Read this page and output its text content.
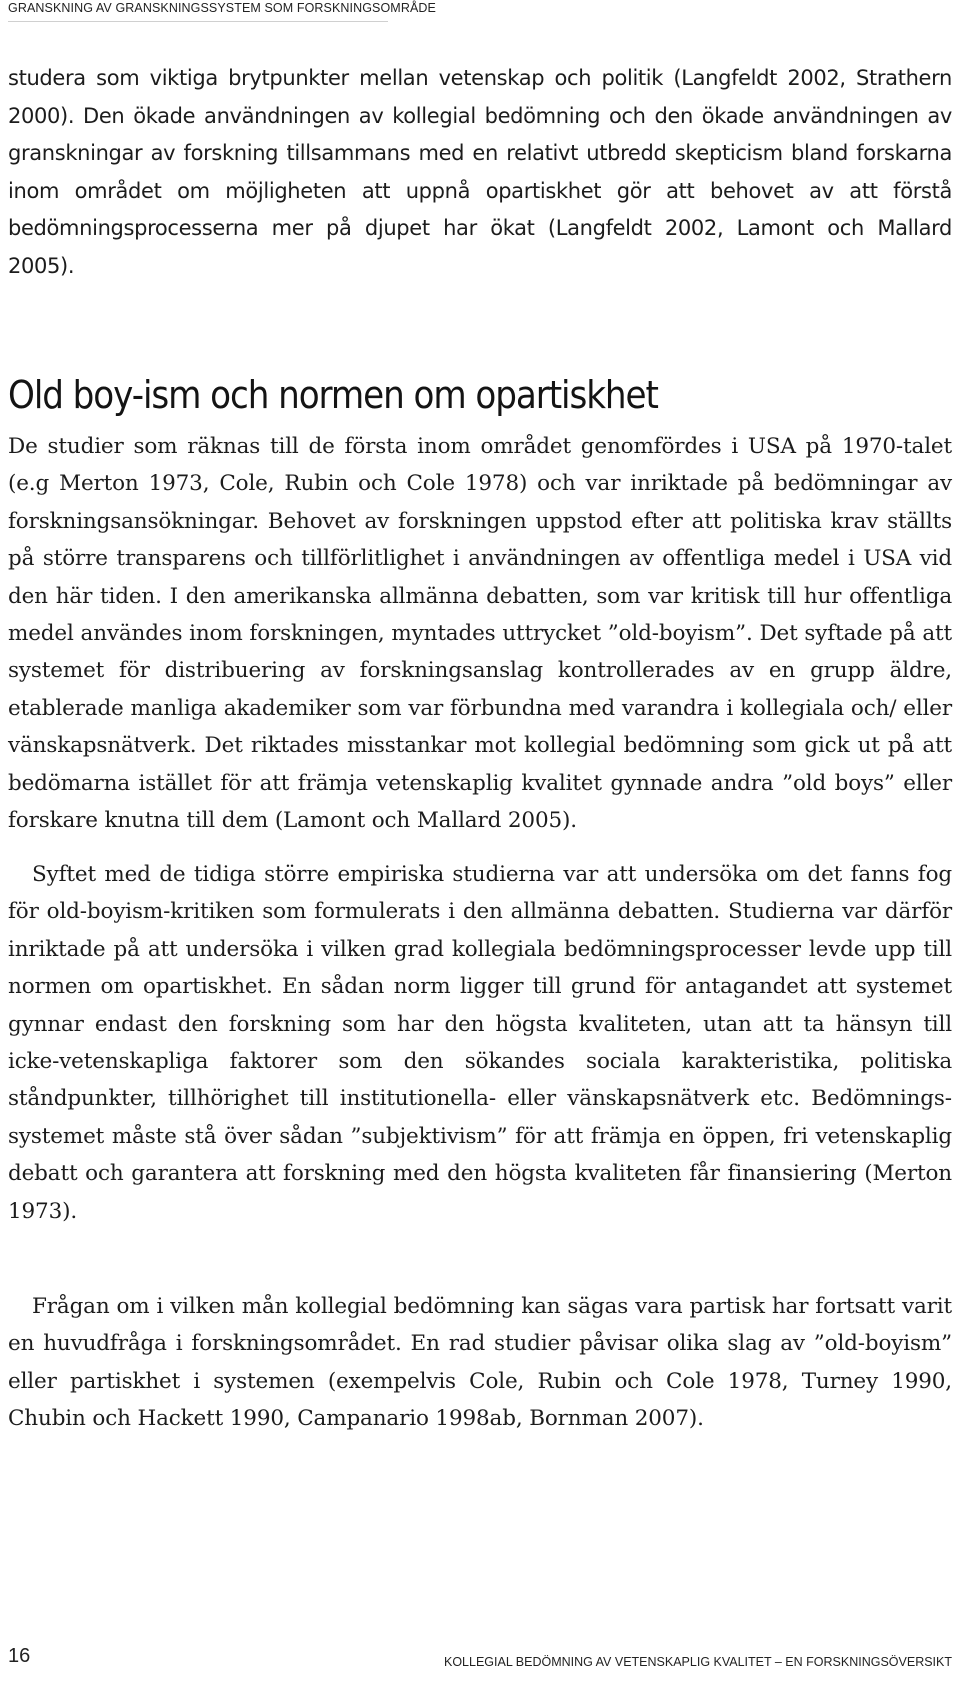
GRANSKNING AV GRANSKNINGSSYSTEM SOM FORSKNINGSOMRÅDE

studera som viktiga brytpunkter mellan vetenskap och politik (Langfeldt 2002, Strathern 2000). Den ökade användningen av kollegial bedömning och den ökade användningen av granskningar av forskning tillsammans med en relativt utbredd skepticism bland forskarna inom området om möjligheten att uppnå opartiskhet gör att behovet av att förstå bedömningsprocesserna mer på djupet har ökat (Langfeldt 2002, Lamont och Mallard 2005).

Old boy-ism och normen om opartiskhet

De studier som räknas till de första inom området genomfördes i USA på 1970-talet (e.g Merton 1973, Cole, Rubin och Cole 1978) och var inriktade på bedömningar av forskningsansökningar. Behovet av forskningen uppstod efter att politiska krav ställts på större transparens och tillförlitlighet i användningen av offentliga medel i USA vid den här tiden. I den amerikanska allmänna debatten, som var kritisk till hur offentliga medel användes inom forskningen, myntades uttrycket ”old-boyism”. Det syftade på att systemet för distribuering av forskningsanslag kontrollerades av en grupp äldre, etablerade manliga akademiker som var förbundna med varandra i kollegiala och/ eller vänskapsnätverk. Det riktades misstankar mot kollegial bedömning som gick ut på att bedömarna istället för att främja vetenskaplig kvalitet gynnade andra ”old boys” eller forskare knutna till dem (Lamont och Mallard 2005).

Syftet med de tidiga större empiriska studierna var att undersöka om det fanns fog för old-boyism-kritiken som formulerats i den allmänna debatten. Studierna var därför inriktade på att undersöka i vilken grad kollegiala bedömningsprocesser levde upp till normen om opartiskhet. En sådan norm ligger till grund för antagandet att systemet gynnar endast den forskning som har den högsta kvaliteten, utan att ta hänsyn till icke-vetenskapliga faktorer som den sökandes sociala karakteristika, politiska ståndpunkter, tillhörighet till institutionella- eller vänskapsnätverk etc. Bedömningssystemet måste stå över sådan ”subjektivism” för att främja en öppen, fri vetenskaplig debatt och garantera att forskning med den högsta kvaliteten får finansiering (Merton 1973).

Frågan om i vilken mån kollegial bedömning kan sägas vara partisk har fortsatt varit en huvudfråga i forskningsområdet. En rad studier påvisar olika slag av ”old-boyism” eller partiskhet i systemen (exempelvis Cole, Rubin och Cole 1978, Turney 1990, Chubin och Hackett 1990, Campanario 1998ab, Bornman 2007).

16	KOLLEGIAL BEDÖMNING AV VETENSKAPLIG KVALITET – EN FORSKNINGSÖVERSIKT
